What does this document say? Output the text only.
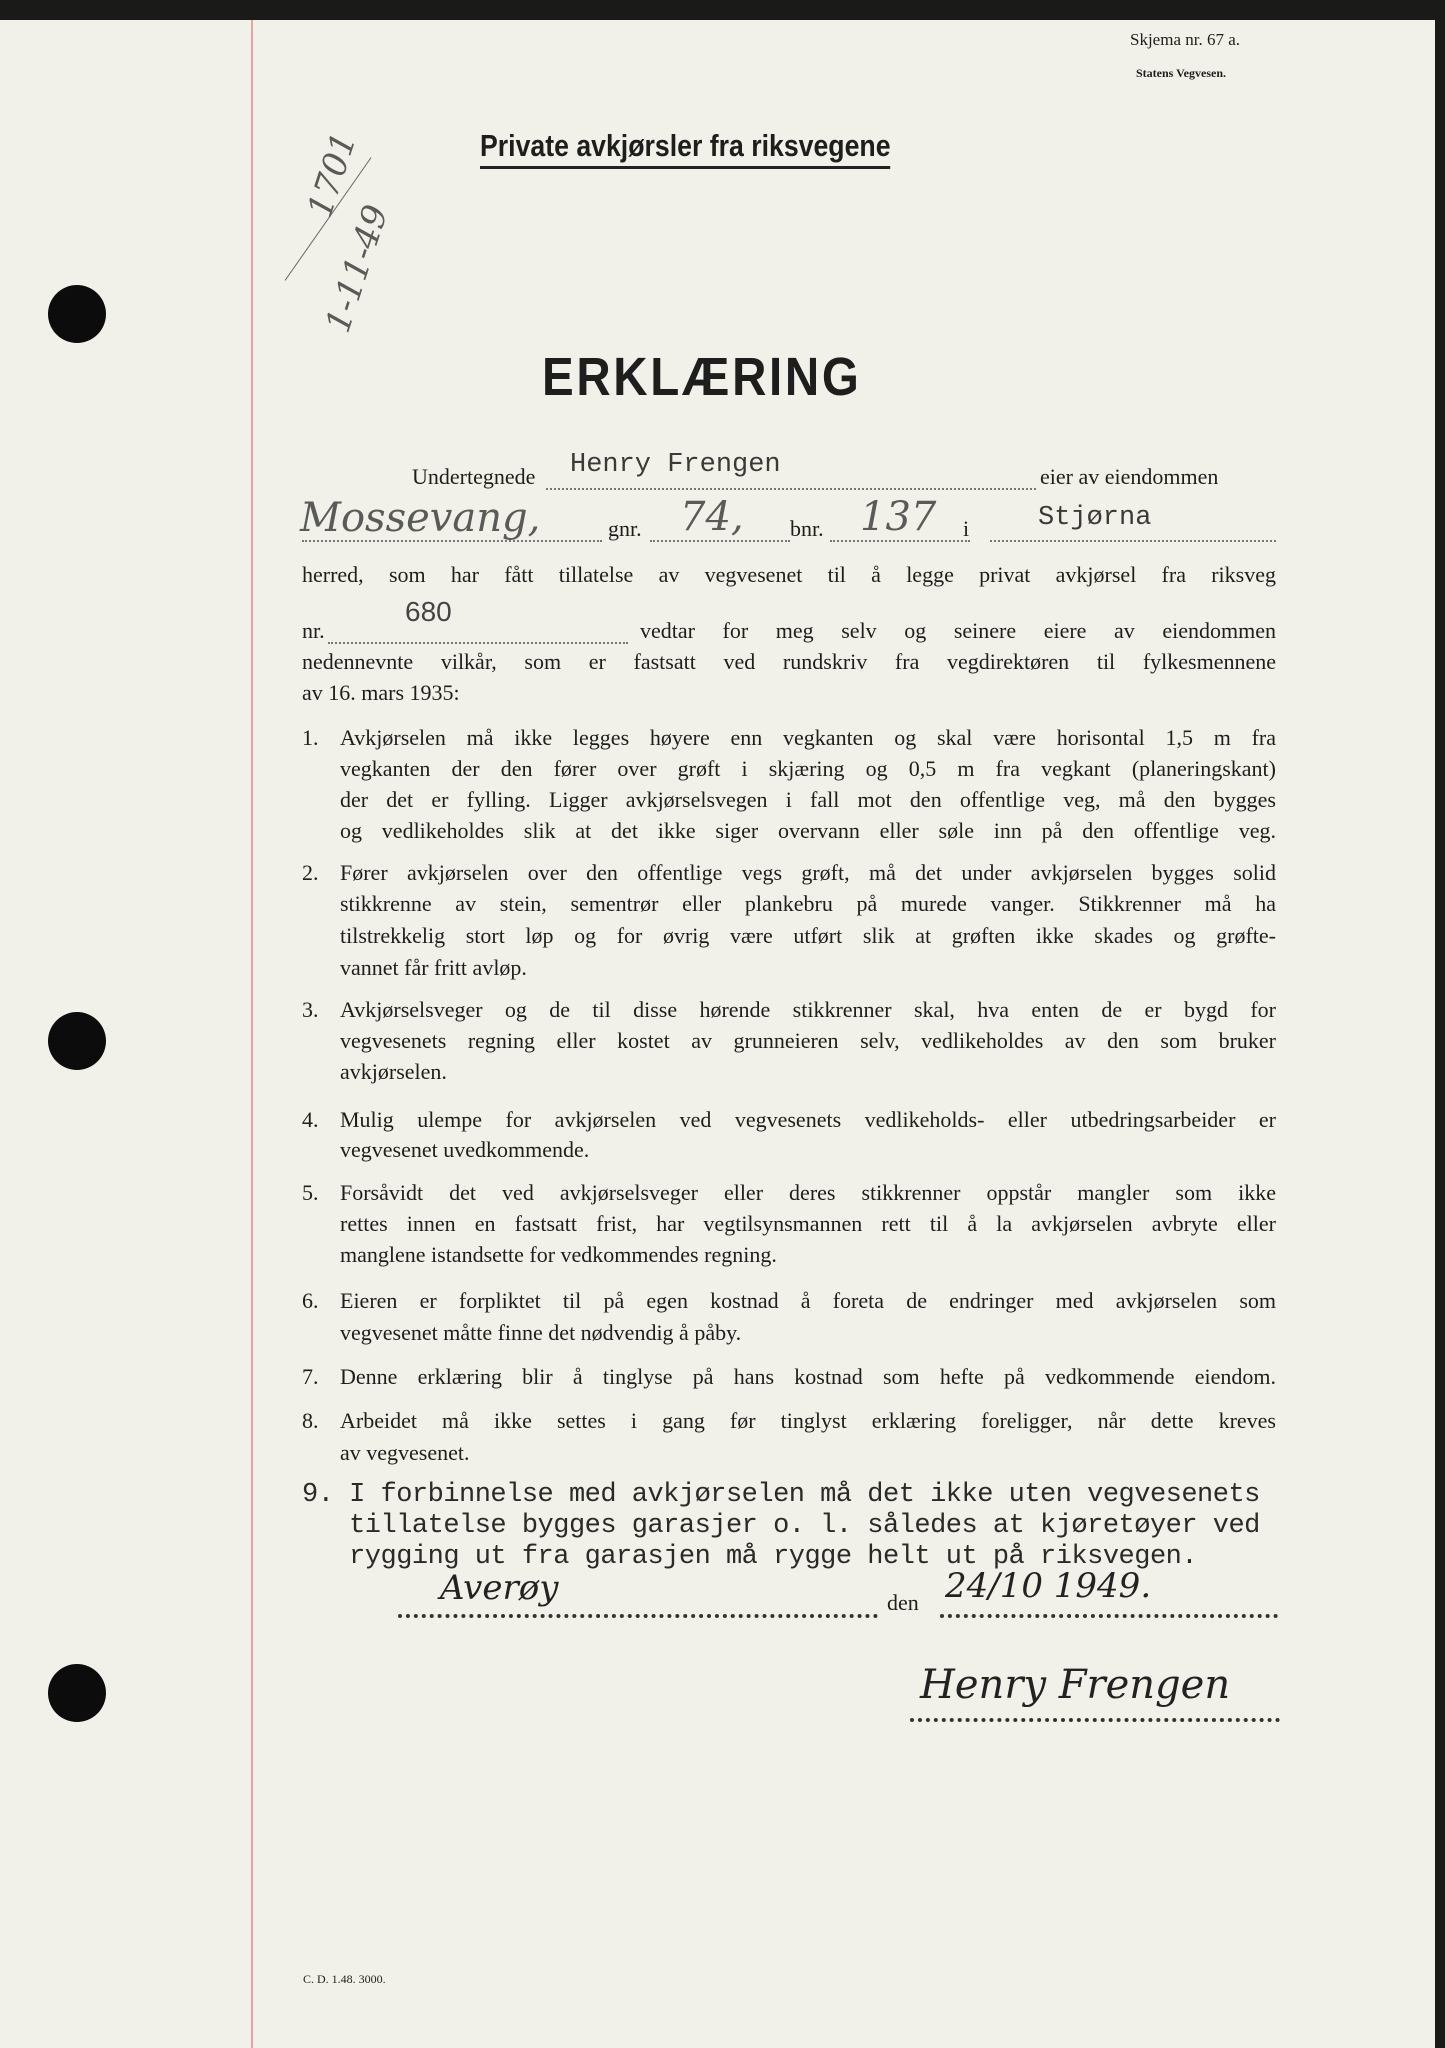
Skjema nr. 67 a.
Statens Vegvesen.
Private avkjørsler fra riksvegene
1701
1-11-49
ERKLÆRING
Undertegnede Henry Frengen	eier av eiendommen
Mossevang,	gnr. 74, bnr. 137 i	Stjørna
herred, som har fått tillatelse av vegvesenet til å legge privat avkjørsel fra riksveg
nr.
680
vedtar for meg selv og seinere eiere av eiendommen
nedennevnte vilkår, som er fastsatt ved rundskriv fra vegdirektøren til fylkesmennene
av 16. mars 1935:
1. Avkjørselen må ikke legges høyere enn vegkanten og skal være horisontal 1,5 m fra
vegkanten der den fører over grøft i skjæring og 0,5 m fra vegkant (planeringskant)
der det er fylling. Ligger avkjørselsvegen i fall mot den offentlige veg, må den bygges
og vedlikeholdes slik at det ikke siger overvann eller søle inn på den offentlige veg.
2. Fører avkjørselen over den offentlige vegs grøft, må det under avkjørselen bygges solid
stikkrenne av stein, sementrør eller plankebru på murede vanger. Stikkrenner må ha
tilstrekkelig stort løp og for øvrig være utført slik at grøften ikke skades og grøfte-
vannet får fritt avløp.
3. Avkjørselsveger og de til disse hørende stikkrenner skal, hva enten de er bygd for
vegvesenets regning eller kostet av grunneieren selv, vedlikeholdes av den som bruker
avkjørselen.
4. Mulig ulempe for avkjørselen ved vegvesenets vedlikeholds- eller utbedringsarbeider er
vegvesenet uvedkommende.
5. Forsåvidt det ved avkjørselsveger eller deres stikkrenner oppstår mangler som ikke
rettes innen en fastsatt frist, har vegtilsynsmannen rett til å la avkjørselen avbryte eller
manglene istandsette for vedkommendes regning.
6. Eieren er forpliktet til på egen kostnad å foreta de endringer med avkjørselen som
vegvesenet måtte finne det nødvendig å påby.
7. Denne erklæring blir å tinglyse på hans kostnad som hefte på vedkommende eiendom.
8. Arbeidet må ikke settes i gang før tinglyst erklæring foreligger, når dette kreves
av vegvesenet.
9. I forbinnelse med avkjørselen må det ikke uten vegvesenets
tillatelse bygges garasjer o. l. således at kjøretøyer ved
rygging ut fra garasjen må rygge helt ut på riksvegen.
Averøy	den 24/10 1949.
Henry Frengen
C. D. 1.48. 3000.
